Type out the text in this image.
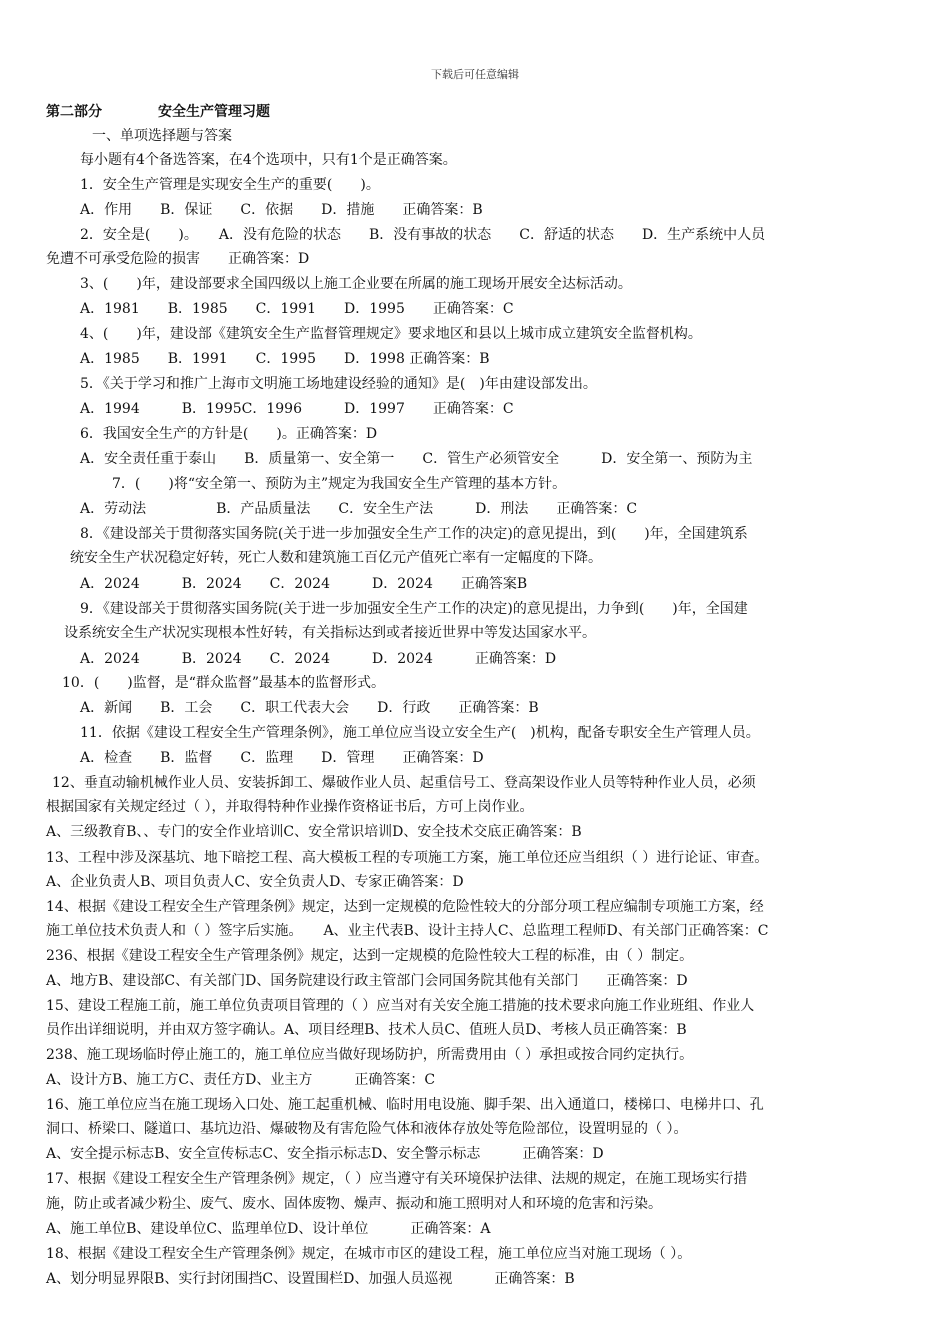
下载后可任意编辑
第二部分　　　　安全生产管理习题
一、单项选择题与答案
每小题有4个备选答案，在4个选项中，只有1个是正确答案。
1．安全生产管理是实现安全生产的重要(　　)。
A．作用　　B．保证　　C．依据　　D．措施　　正确答案：B
2．安全是(　　)。　　A．没有危险的状态　　B．没有事故的状态　　C．舒适的状态　　D．生产系统中人员
免遭不可承受危险的损害　　正确答案：D
3、(　　)年，建设部要求全国四级以上施工企业要在所属的施工现场开展安全达标活动。
A．1981　　B．1985　　C．1991　　D．1995　　正确答案：C
4、(　　)年，建设部《建筑安全生产监督管理规定》要求地区和县以上城市成立建筑安全监督机构。
A．1985　　B．1991　　C．1995　　D．1998 正确答案：B
5．《关于学习和推广上海市文明施工场地建设经验的通知》是(　)年由建设部发出。
A．1994　　　B．1995C．1996　　　D．1997　　正确答案：C
6．我国安全生产的方针是(　　)。正确答案：D
A．安全责任重于泰山　　B．质量第一、安全第一　　C．管生产必须管安全　　　D．安全第一、预防为主
7．(　　)将“安全第一、预防为主”规定为我国安全生产管理的基本方针。
A．劳动法　　　　　B．产品质量法　　C．安全生产法　　　D．刑法　　正确答案：C
8．《建设部关于贯彻落实国务院(关于进一步加强安全生产工作的决定)的意见提出，到(　　)年，全国建筑系
统安全生产状况稳定好转，死亡人数和建筑施工百亿元产值死亡率有一定幅度的下降。
A．2024　　　B．2024　　C．2024　　　D．2024　　正确答案B
9．《建设部关于贯彻落实国务院(关于进一步加强安全生产工作的决定)的意见提出，力争到(　　)年，全国建
设系统安全生产状况实现根本性好转，有关指标达到或者接近世界中等发达国家水平。
A．2024　　　B．2024　　C．2024　　　D．2024　　　正确答案：D
10．(　　)监督，是“群众监督”最基本的监督形式。
A．新闻　　B．工会　　C．职工代表大会　　D．行政　　正确答案：B
11．依据《建设工程安全生产管理条例》，施工单位应当设立安全生产(　)机构，配备专职安全生产管理人员。
A．检查　　B．监督　　C．监理　　D．管理　　正确答案：D
12、垂直动输机械作业人员、安装拆卸工、爆破作业人员、起重信号工、登高架设作业人员等特种作业人员，必须
根据国家有关规定经过（ ），并取得特种作业操作资格证书后，方可上岗作业。
A、三级教育B、、专门的安全作业培训C、安全常识培训D、安全技术交底正确答案：B
13、工程中涉及深基坑、地下暗挖工程、高大模板工程的专项施工方案，施工单位还应当组织（ ）进行论证、审查。
A、企业负责人B、项目负责人C、安全负责人D、专家正确答案：D
14、根据《建设工程安全生产管理条例》规定，达到一定规模的危险性较大的分部分项工程应编制专项施工方案，经
施工单位技术负责人和（ ）签字后实施。　　A、业主代表B、设计主持人C、总监理工程师D、有关部门正确答案：C
236、根据《建设工程安全生产管理条例》规定，达到一定规模的危险性较大工程的标准，由（ ）制定。
A、地方B、建设部C、有关部门D、国务院建设行政主管部门会同国务院其他有关部门　　正确答案：D
15、建设工程施工前，施工单位负责项目管理的（ ）应当对有关安全施工措施的技术要求向施工作业班组、作业人
员作出详细说明，并由双方签字确认。A、项目经理B、技术人员C、值班人员D、考核人员正确答案：B
238、施工现场临时停止施工的，施工单位应当做好现场防护，所需费用由（ ）承担或按合同约定执行。
A、设计方B、施工方C、责任方D、业主方　　　正确答案：C
16、施工单位应当在施工现场入口处、施工起重机械、临时用电设施、脚手架、出入通道口，楼梯口、电梯井口、孔
洞口、桥梁口、隧道口、基坑边沿、爆破物及有害危险气体和液体存放处等危险部位，设置明显的（ ）。
A、安全提示标志B、安全宣传标志C、安全指示标志D、安全警示标志　　　正确答案：D
17、根据《建设工程安全生产管理条例》规定，（ ）应当遵守有关环境保护法律、法规的规定，在施工现场实行措
施，防止或者减少粉尘、废气、废水、固体废物、燥声、振动和施工照明对人和环境的危害和污染。
A、施工单位B、建设单位C、监理单位D、设计单位　　　正确答案：A
18、根据《建设工程安全生产管理条例》规定，在城市市区的建设工程，施工单位应当对施工现场（ ）。
A、划分明显界限B、实行封闭围挡C、设置围栏D、加强人员巡视　　　正确答案：B
